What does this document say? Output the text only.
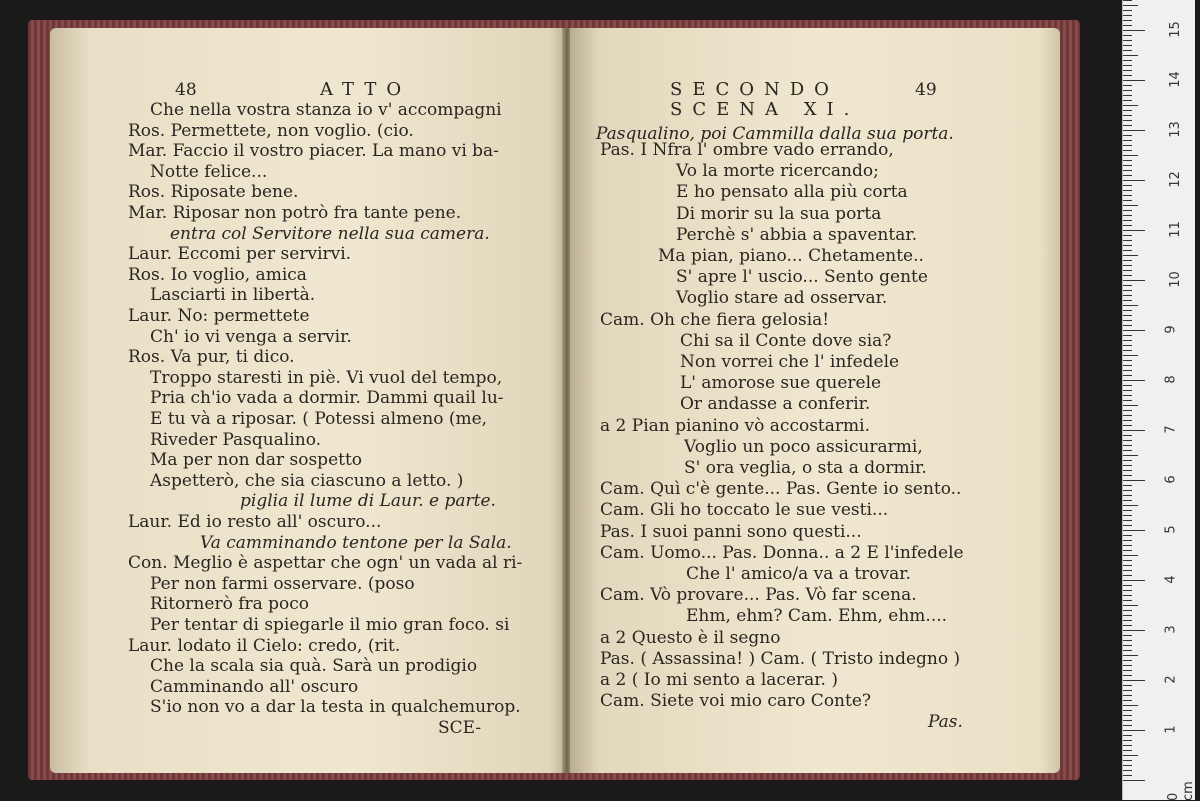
48	ATTO
Che nella vostra stanza io v' accompagni
Ros. Permettete, non voglio. (cio.
Mar. Faccio il vostro piacer. La mano vi ba-
Notte felice...
Ros. Riposate bene.
Mar. Riposar non potrò fra tante pene.
entra col Servitore nella sua camera.
Laur. Eccomi per servirvi.
Ros. Io voglio, amica
Lasciarti in libertà.
Laur. No: permettete
Ch' io vi venga a servir.
Ros. Va pur, ti dico.
Troppo staresti in piè. Vi vuol del tempo,
Pria ch'io vada a dormir. Dammi quail lu-
E tu và a riposar. ( Potessi almeno (me,
Riveder Pasqualino.
Ma per non dar sospetto
Aspetterò, che sia ciascuno a letto. )
piglia il lume di Laur. e parte.
Laur. Ed io resto all' oscuro...
Va camminando tentone per la Sala.
Con. Meglio è aspettar che ogn' un vada al ri-
Per non farmi osservare. (poso
Ritornerò fra poco
Per tentar di spiegarle il mio gran foco. si
Laur. lodato il Cielo: credo, (rit.
Che la scala sia quà. Sarà un prodigio
Camminando all' oscuro
S'io non vo a dar la testa in qualchemurop.
SCE-
SECONDO	49
SCENA XI.
Pasqualino, poi Cammilla dalla sua porta.
Pas. I Nfra l' ombre vado errando,
Vo la morte ricercando;
E ho pensato alla più corta
Di morir su la sua porta
Perchè s' abbia a spaventar.
Ma pian, piano... Chetamente..
S' apre l' uscio... Sento gente
Voglio stare ad osservar.
Cam. Oh che fiera gelosia!
Chi sa il Conte dove sia?
Non vorrei che l' infedele
L' amorose sue querele
Or andasse a conferir.
a 2 Pian pianino vò accostarmi.
Voglio un poco assicurarmi,
S' ora veglia, o sta a dormir.
Cam. Quì c'è gente... Pas. Gente io sento..
Cam. Gli ho toccato le sue vesti...
Pas. I suoi panni sono questi...
Cam. Uomo... Pas. Donna.. a 2 E l'infedele
Che l' amico/a va a trovar.
Cam. Vò provare... Pas. Vò far scena.
Ehm, ehm? Cam. Ehm, ehm....
a 2 Questo è il segno
Pas. ( Assassina! ) Cam. ( Tristo indegno )
a 2 ( Io mi sento a lacerar. )
Cam. Siete voi mio caro Conte?
Pas.
0 cm
1
2
3
4
5
6
7
8
9
10
11
12
13
14
15
